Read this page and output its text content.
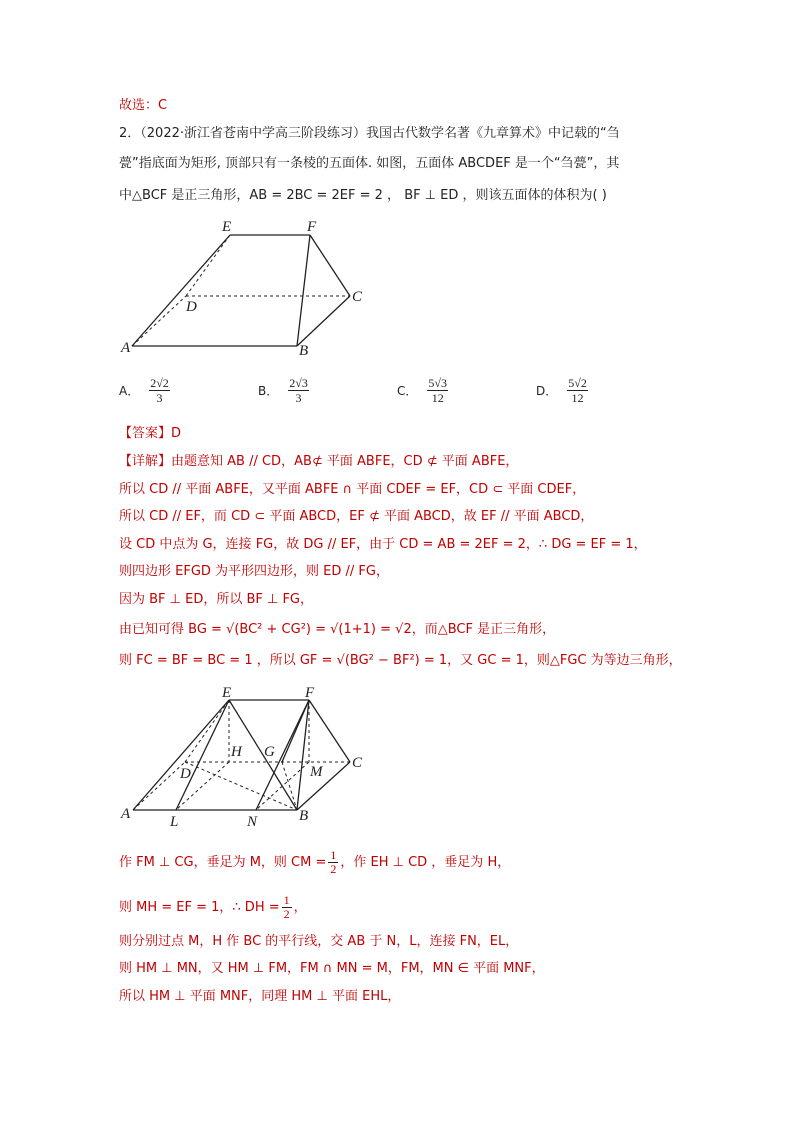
故选：C
2．（2022·浙江省苍南中学高三阶段练习）我国古代数学名著《九章算术》中记载的“刍
甍”指底面为矩形, 顶部只有一条棱的五面体. 如图，五面体 ABCDEF 是一个“刍甍”，其
中△BCF 是正三角形，AB = 2BC = 2EF = 2 ， BF ⊥ ED ，则该五面体的体积为( )
E	F
C
D
A	B
A． $\frac{2√2}{3}$	B． $\frac{2√3}{3}$	C． $\frac{5√3}{12}$	D． $\frac{5√2}{12}$
【答案】D
【详解】由题意知 AB // CD，AB⊄ 平面 ABFE，CD ⊄ 平面 ABFE，
所以 CD // 平面 ABFE，又平面 ABFE ∩ 平面 CDEF = EF，CD ⊂ 平面 CDEF，
所以 CD // EF，而 CD ⊂ 平面 ABCD，EF ⊄ 平面 ABCD，故 EF // 平面 ABCD，
设 CD 中点为 G，连接 FG，故 DG // EF，由于 CD = AB = 2EF = 2，∴ DG = EF = 1，
则四边形 EFGD 为平形四边形，则 ED // FG，
因为 BF ⊥ ED，所以 BF ⊥ FG，
由已知可得 BG = √(BC² + CG²) = √(1+1) = √2，而△BCF 是正三角形，
则 FC = BF = BC = 1 ，所以 GF = √(BG² − BF²) = 1，又 GC = 1，则△FGC 为等边三角形，
E	F
H G
D	M
C
A	L	N	B
作 FM ⊥ CG，垂足为 M，则 CM = $\frac{1}{2}$ ，作 EH ⊥ CD ，垂足为 H，
则 MH = EF = 1，∴ DH = $\frac{1}{2}$ ，
则分别过点 M，H 作 BC 的平行线，交 AB 于 N，L，连接 FN，EL，
则 HM ⊥ MN，又 HM ⊥ FM，FM ∩ MN = M，FM，MN ∈ 平面 MNF，
所以 HM ⊥ 平面 MNF，同理 HM ⊥ 平面 EHL，
